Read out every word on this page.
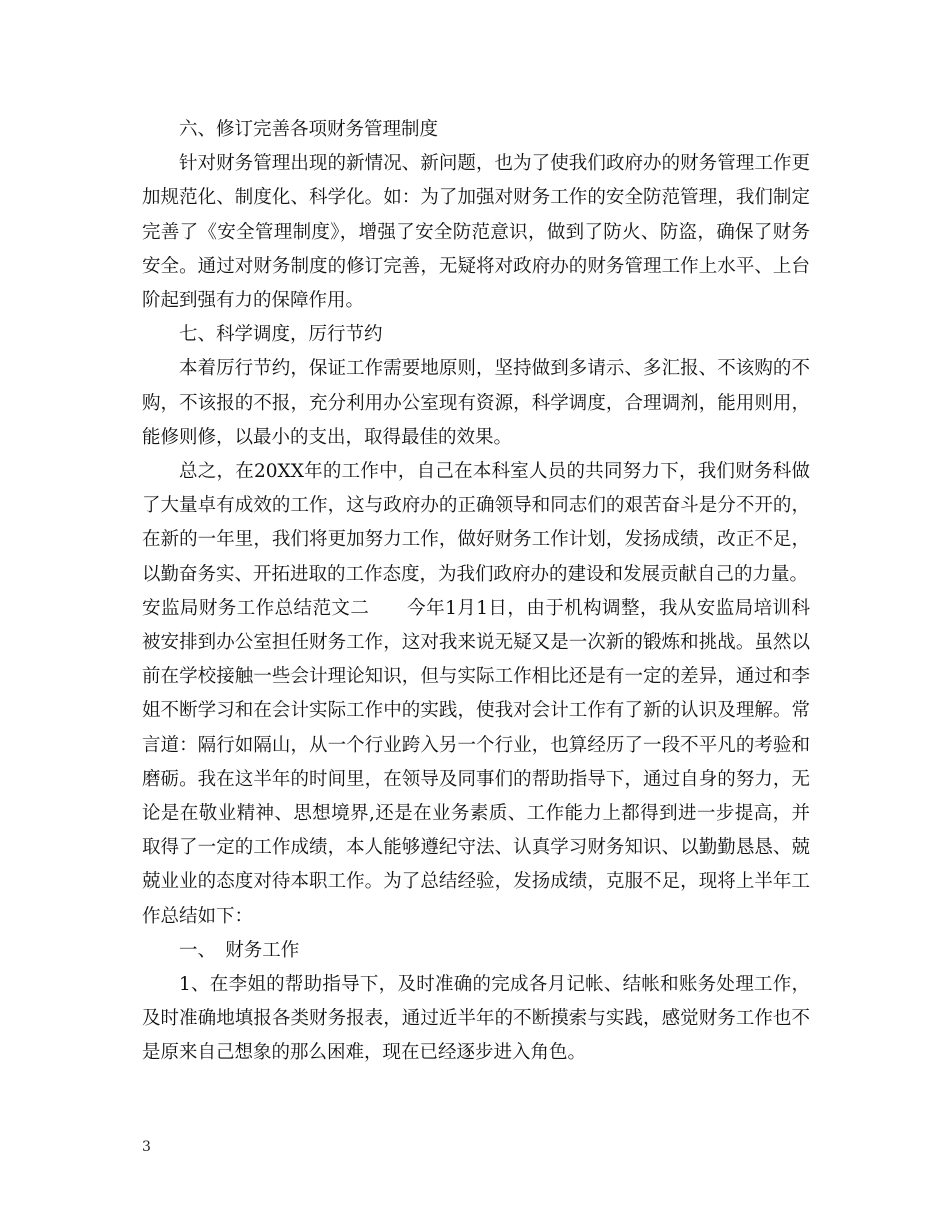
六、修订完善各项财务管理制度

针对财务管理出现的新情况、新问题，也为了使我们政府办的财务管理工作更加规范化、制度化、科学化。如：为了加强对财务工作的安全防范管理，我们制定完善了《安全管理制度》，增强了安全防范意识，做到了防火、防盗，确保了财务安全。通过对财务制度的修订完善，无疑将对政府办的财务管理工作上水平、上台阶起到强有力的保障作用。

七、科学调度，厉行节约

本着厉行节约，保证工作需要地原则，坚持做到多请示、多汇报、不该购的不购，不该报的不报，充分利用办公室现有资源，科学调度，合理调剂，能用则用，能修则修，以最小的支出，取得最佳的效果。

总之，在20XX年的工作中，自己在本科室人员的共同努力下，我们财务科做了大量卓有成效的工作，这与政府办的正确领导和同志们的艰苦奋斗是分不开的，在新的一年里，我们将更加努力工作，做好财务工作计划，发扬成绩，改正不足，以勤奋务实、开拓进取的工作态度，为我们政府办的建设和发展贡献自己的力量。

安监局财务工作总结范文二　　今年1月1日，由于机构调整，我从安监局培训科被安排到办公室担任财务工作，这对我来说无疑又是一次新的锻炼和挑战。虽然以前在学校接触一些会计理论知识，但与实际工作相比还是有一定的差异，通过和李姐不断学习和在会计实际工作中的实践，使我对会计工作有了新的认识及理解。常言道：隔行如隔山，从一个行业跨入另一个行业，也算经历了一段不平凡的考验和磨砺。我在这半年的时间里，在领导及同事们的帮助指导下，通过自身的努力，无论是在敬业精神、思想境界,还是在业务素质、工作能力上都得到进一步提高，并取得了一定的工作成绩，本人能够遵纪守法、认真学习财务知识、以勤勤恳恳、兢兢业业的态度对待本职工作。为了总结经验，发扬成绩，克服不足，现将上半年工作总结如下：

一、　财务工作

1、在李姐的帮助指导下，及时准确的完成各月记帐、结帐和账务处理工作，及时准确地填报各类财务报表，通过近半年的不断摸索与实践，感觉财务工作也不是原来自己想象的那么困难，现在已经逐步进入角色。

3
